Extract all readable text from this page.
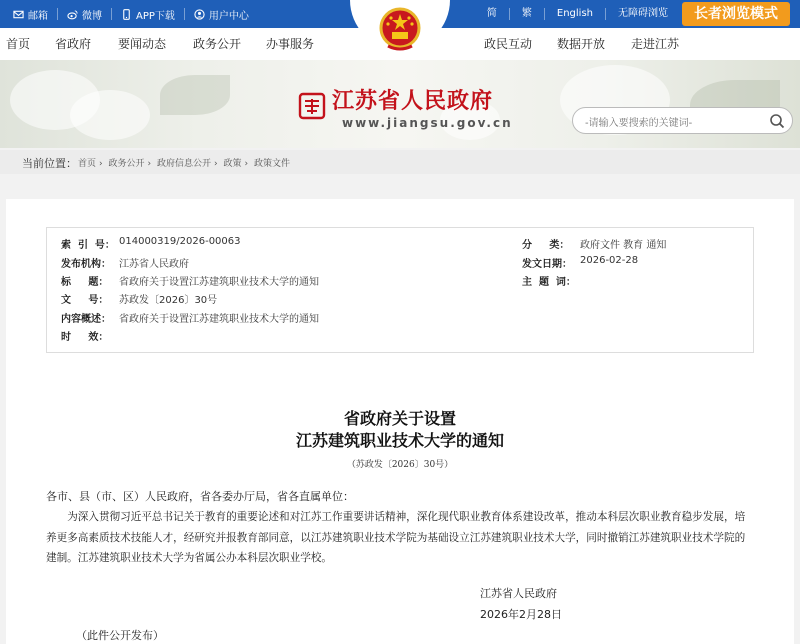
邮箱	微博	APP下载	用户中心	简	繁	English	无障碍浏览	长者浏览模式
首页 省政府 要闻动态 政务公开 办事服务	政民互动 数据开放 走进江苏
江苏省人民政府
www.jiangsu.gov.cn	-请输入要搜索的关键词-
当前位置： 首页 › 政务公开 › 政府信息公开 › 政策 › 政策文件
索  引  号： 014000319/2026-00063
发布机构： 江苏省人民政府
标     题：	省政府关于设置江苏建筑职业技术大学的通知
文     号：	苏政发〔2026〕30号
内容概述： 省政府关于设置江苏建筑职业技术大学的通知
时     效：
分     类：	政府文件 教育 通知
发文日期： 2026-02-28
主  题  词：
省政府关于设置
江苏建筑职业技术大学的通知
（苏政发〔2026〕30号）
各市、县（市、区）人民政府，省各委办厅局，省各直属单位：
为深入贯彻习近平总书记关于教育的重要论述和对江苏工作重要讲话精神，深化现代职业教育体系建设改革，推动本科层次职业教育稳步发展，培养更多高素质技术技能人才，经研究并报教育部同意，以江苏建筑职业技术学院为基础设立江苏建筑职业技术大学，同时撤销江苏建筑职业技术学院的建制。江苏建筑职业技术大学为省属公办本科层次职业学校。
江苏省人民政府
2026年2月28日
（此件公开发布）
